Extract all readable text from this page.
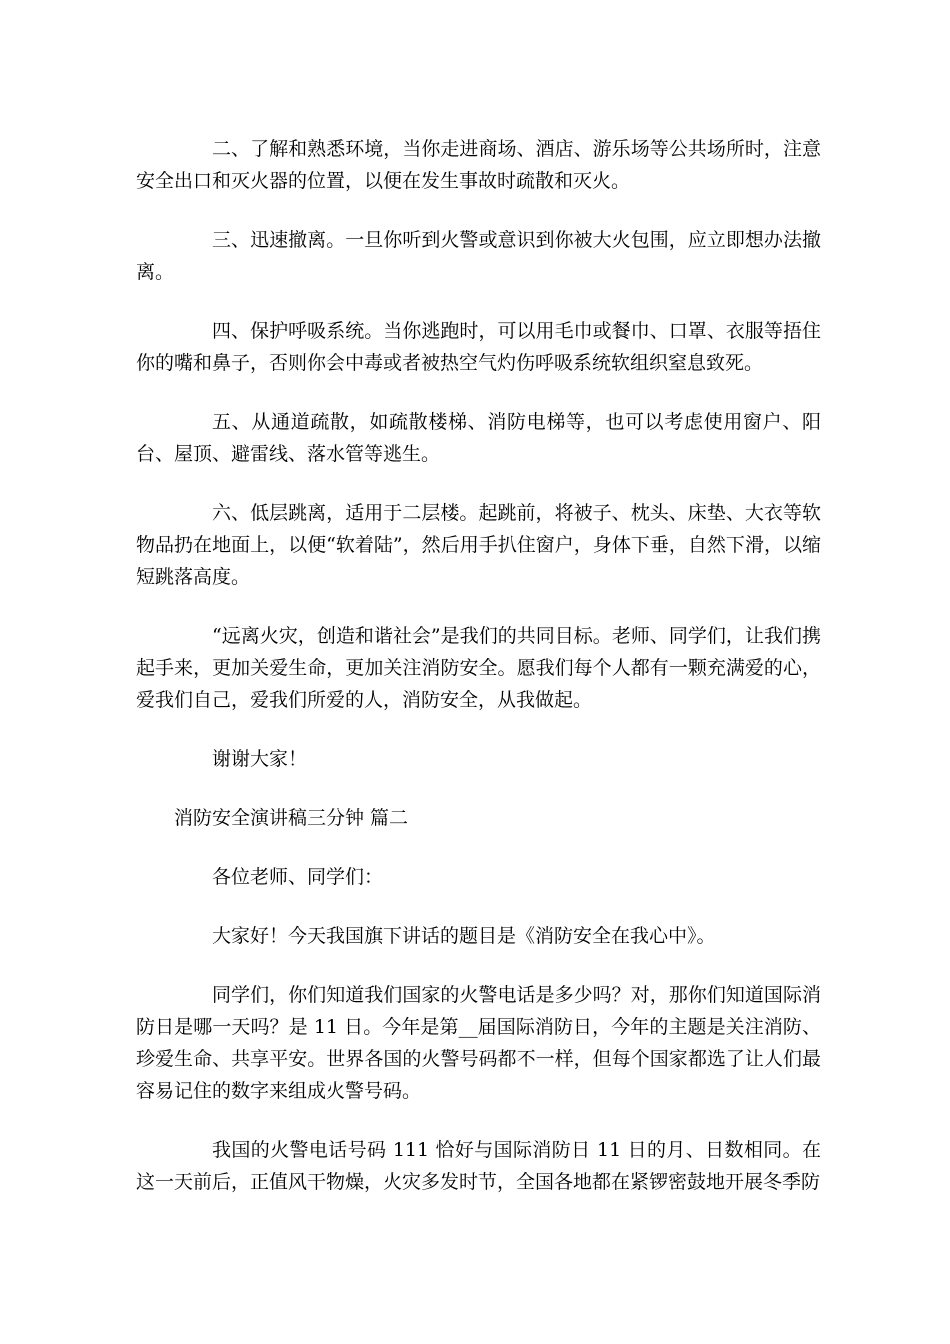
二、了解和熟悉环境，当你走进商场、酒店、游乐场等公共场所时，注意安全出口和灭火器的位置，以便在发生事故时疏散和灭火。

三、迅速撤离。一旦你听到火警或意识到你被大火包围，应立即想办法撤离。

四、保护呼吸系统。当你逃跑时，可以用毛巾或餐巾、口罩、衣服等捂住你的嘴和鼻子，否则你会中毒或者被热空气灼伤呼吸系统软组织窒息致死。

五、从通道疏散，如疏散楼梯、消防电梯等，也可以考虑使用窗户、阳台、屋顶、避雷线、落水管等逃生。

六、低层跳离，适用于二层楼。起跳前，将被子、枕头、床垫、大衣等软物品扔在地面上，以便“软着陆”，然后用手扒住窗户，身体下垂，自然下滑，以缩短跳落高度。

“远离火灾，创造和谐社会”是我们的共同目标。老师、同学们，让我们携起手来，更加关爱生命，更加关注消防安全。愿我们每个人都有一颗充满爱的心，爱我们自己，爱我们所爱的人，消防安全，从我做起。

谢谢大家！

消防安全演讲稿三分钟 篇二

各位老师、同学们：

大家好！今天我国旗下讲话的题目是《消防安全在我心中》。

同学们，你们知道我们国家的火警电话是多少吗？对，那你们知道国际消防日是哪一天吗？是 11 日。今年是第__届国际消防日，今年的主题是关注消防、珍爱生命、共享平安。世界各国的火警号码都不一样，但每个国家都选了让人们最容易记住的数字来组成火警号码。

我国的火警电话号码 111 恰好与国际消防日 11 日的月、日数相同。在这一天前后，正值风干物燥，火灾多发时节，全国各地都在紧锣密鼓地开展冬季防
